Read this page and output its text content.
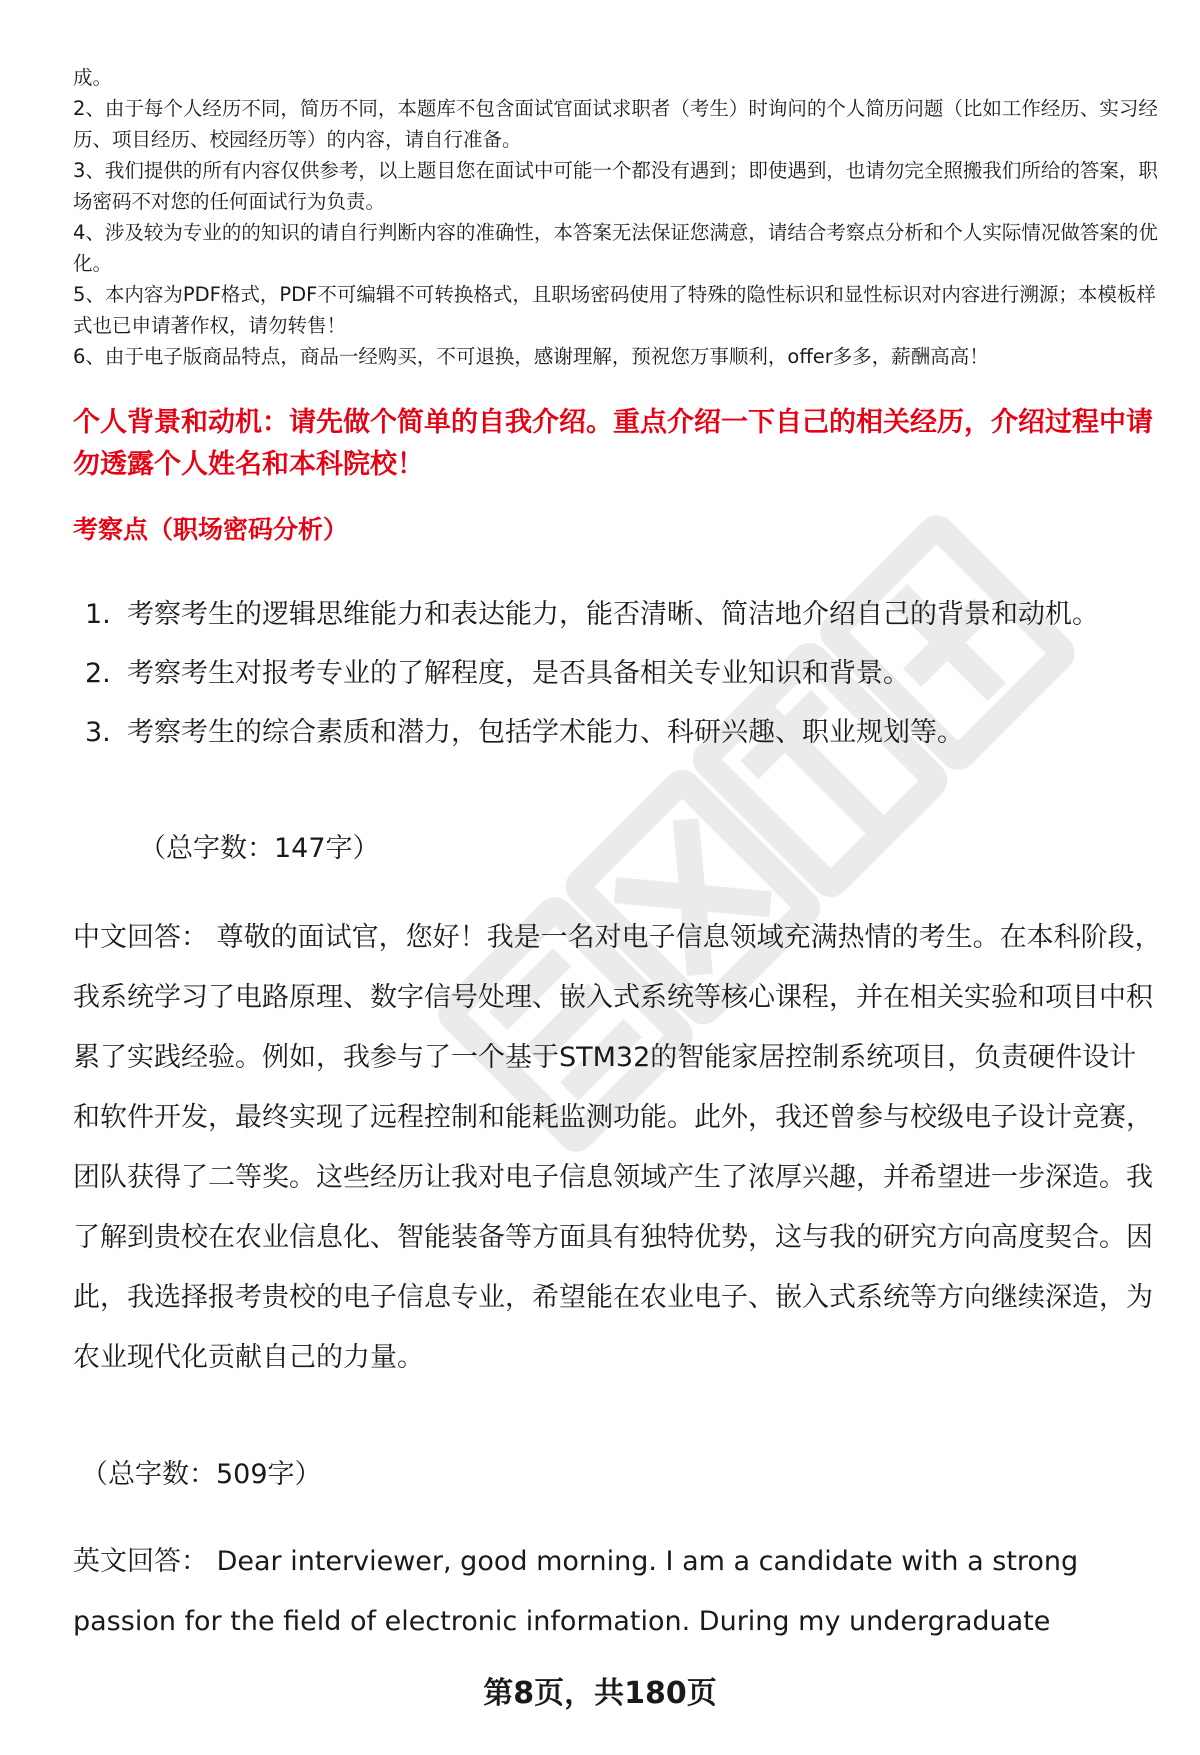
成。

2、由于每个人经历不同，简历不同，本题库不包含面试官面试求职者（考生）时询问的个人简历问题（比如工作经历、实习经历、项目经历、校园经历等）的内容，请自行准备。

3、我们提供的所有内容仅供参考，以上题目您在面试中可能一个都没有遇到；即使遇到，也请勿完全照搬我们所给的答案，职场密码不对您的任何面试行为负责。

4、涉及较为专业的的知识的请自行判断内容的准确性，本答案无法保证您满意，请结合考察点分析和个人实际情况做答案的优化。

5、本内容为PDF格式，PDF不可编辑不可转换格式，且职场密码使用了特殊的隐性标识和显性标识对内容进行溯源；本模板样式也已申请著作权，请勿转售！

6、由于电子版商品特点，商品一经购买，不可退换，感谢理解，预祝您万事顺利，offer多多，薪酬高高！

个人背景和动机：请先做个简单的自我介绍。重点介绍一下自己的相关经历，介绍过程中请勿透露个人姓名和本科院校！
考察点（职场密码分析）
1. 考察考生的逻辑思维能力和表达能力，能否清晰、简洁地介绍自己的背景和动机。
2. 考察考生对报考专业的了解程度，是否具备相关专业知识和背景。
3. 考察考生的综合素质和潜力，包括学术能力、科研兴趣、职业规划等。
（总字数：147字）

中文回答： 尊敬的面试官，您好！我是一名对电子信息领域充满热情的考生。在本科阶段，我系统学习了电路原理、数字信号处理、嵌入式系统等核心课程，并在相关实验和项目中积累了实践经验。例如，我参与了一个基于STM32的智能家居控制系统项目，负责硬件设计和软件开发，最终实现了远程控制和能耗监测功能。此外，我还曾参与校级电子设计竞赛，团队获得了二等奖。这些经历让我对电子信息领域产生了浓厚兴趣，并希望进一步深造。我了解到贵校在农业信息化、智能装备等方面具有独特优势，这与我的研究方向高度契合。因此，我选择报考贵校的电子信息专业，希望能在农业电子、嵌入式系统等方向继续深造，为农业现代化贡献自己的力量。

（总字数：509字）

英文回答： Dear interviewer, good morning. I am a candidate with a strong passion for the field of electronic information. During my undergraduate

第8页，共180页
